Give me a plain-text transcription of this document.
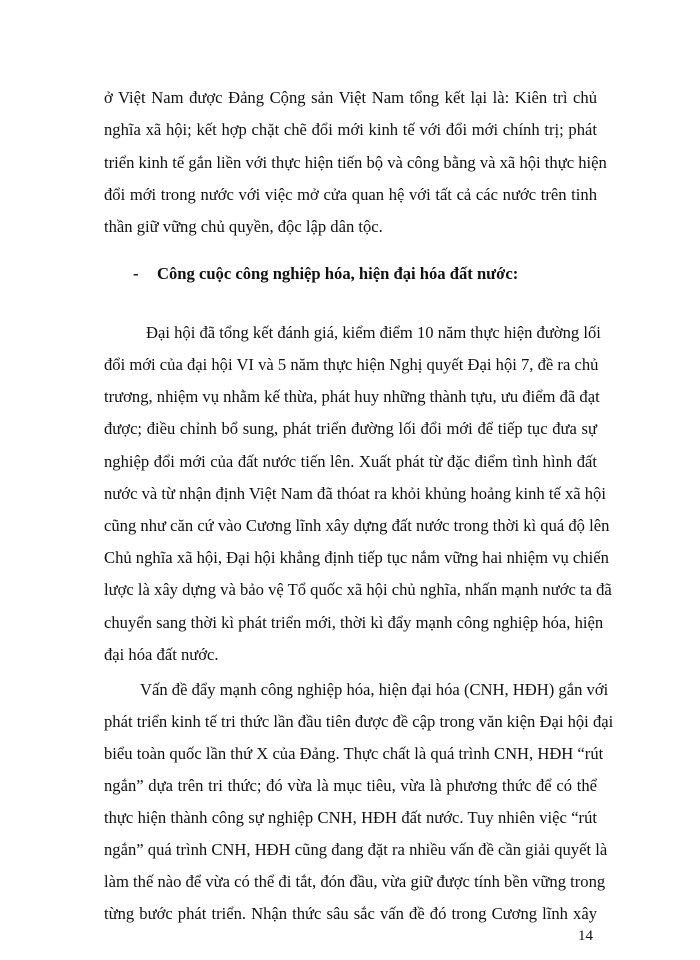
ở Việt Nam được Đảng Cộng sản Việt Nam tổng kết lại là: Kiên trì chủ
nghĩa xã hội; kết hợp chặt chẽ đổi mới kinh tế với đổi mới chính trị; phát
triển kinh tế gắn liền với thực hiện tiến bộ và công bằng và xã hội thực hiện
đổi mới trong nước với việc mở cửa quan hệ với tất cả các nước trên tinh
thần giữ vững chủ quyền, độc lập dân tộc.
- Công cuộc công nghiệp hóa, hiện đại hóa đất nước:
Đại hội đã tổng kết đánh giá, kiểm điểm 10 năm thực hiện đường lối
đổi mới của đại hội VI và 5 năm thực hiện Nghị quyết Đại hội 7, đề ra chủ
trương, nhiệm vụ nhằm kế thừa, phát huy những thành tựu, ưu điểm đã đạt
được; điều chỉnh bổ sung, phát triển đường lối đổi mới để tiếp tục đưa sự
nghiệp đổi mới của đất nước tiến lên. Xuất phát từ đặc điểm tình hình đất
nước và từ nhận định Việt Nam đã thóat ra khỏi khủng hoảng kinh tế xã hội
cũng như căn cứ vào Cương lĩnh xây dựng đất nước trong thời kì quá độ lên
Chủ nghĩa xã hội, Đại hội khẳng định tiếp tục nắm vững hai nhiệm vụ chiến
lược là xây dựng và bảo vệ Tổ quốc xã hội chủ nghĩa, nhấn mạnh nước ta đã
chuyển sang thời kì phát triển mới, thời kì đẩy mạnh công nghiệp hóa, hiện
đại hóa đất nước.
Vấn đề đẩy mạnh công nghiệp hóa, hiện đại hóa (CNH, HĐH) gắn với
phát triển kinh tế tri thức lần đầu tiên được đề cập trong văn kiện Đại hội đại
biểu toàn quốc lần thứ X của Đảng. Thực chất là quá trình CNH, HĐH “rút
ngắn” dựa trên tri thức; đó vừa là mục tiêu, vừa là phương thức để có thể
thực hiện thành công sự nghiệp CNH, HĐH đất nước. Tuy nhiên việc “rút
ngắn” quá trình CNH, HĐH cũng đang đặt ra nhiều vấn đề cần giải quyết là
làm thế nào để vừa có thể đi tắt, đón đầu, vừa giữ được tính bền vững trong
từng bước phát triển. Nhận thức sâu sắc vấn đề đó trong Cương lĩnh xây
14
